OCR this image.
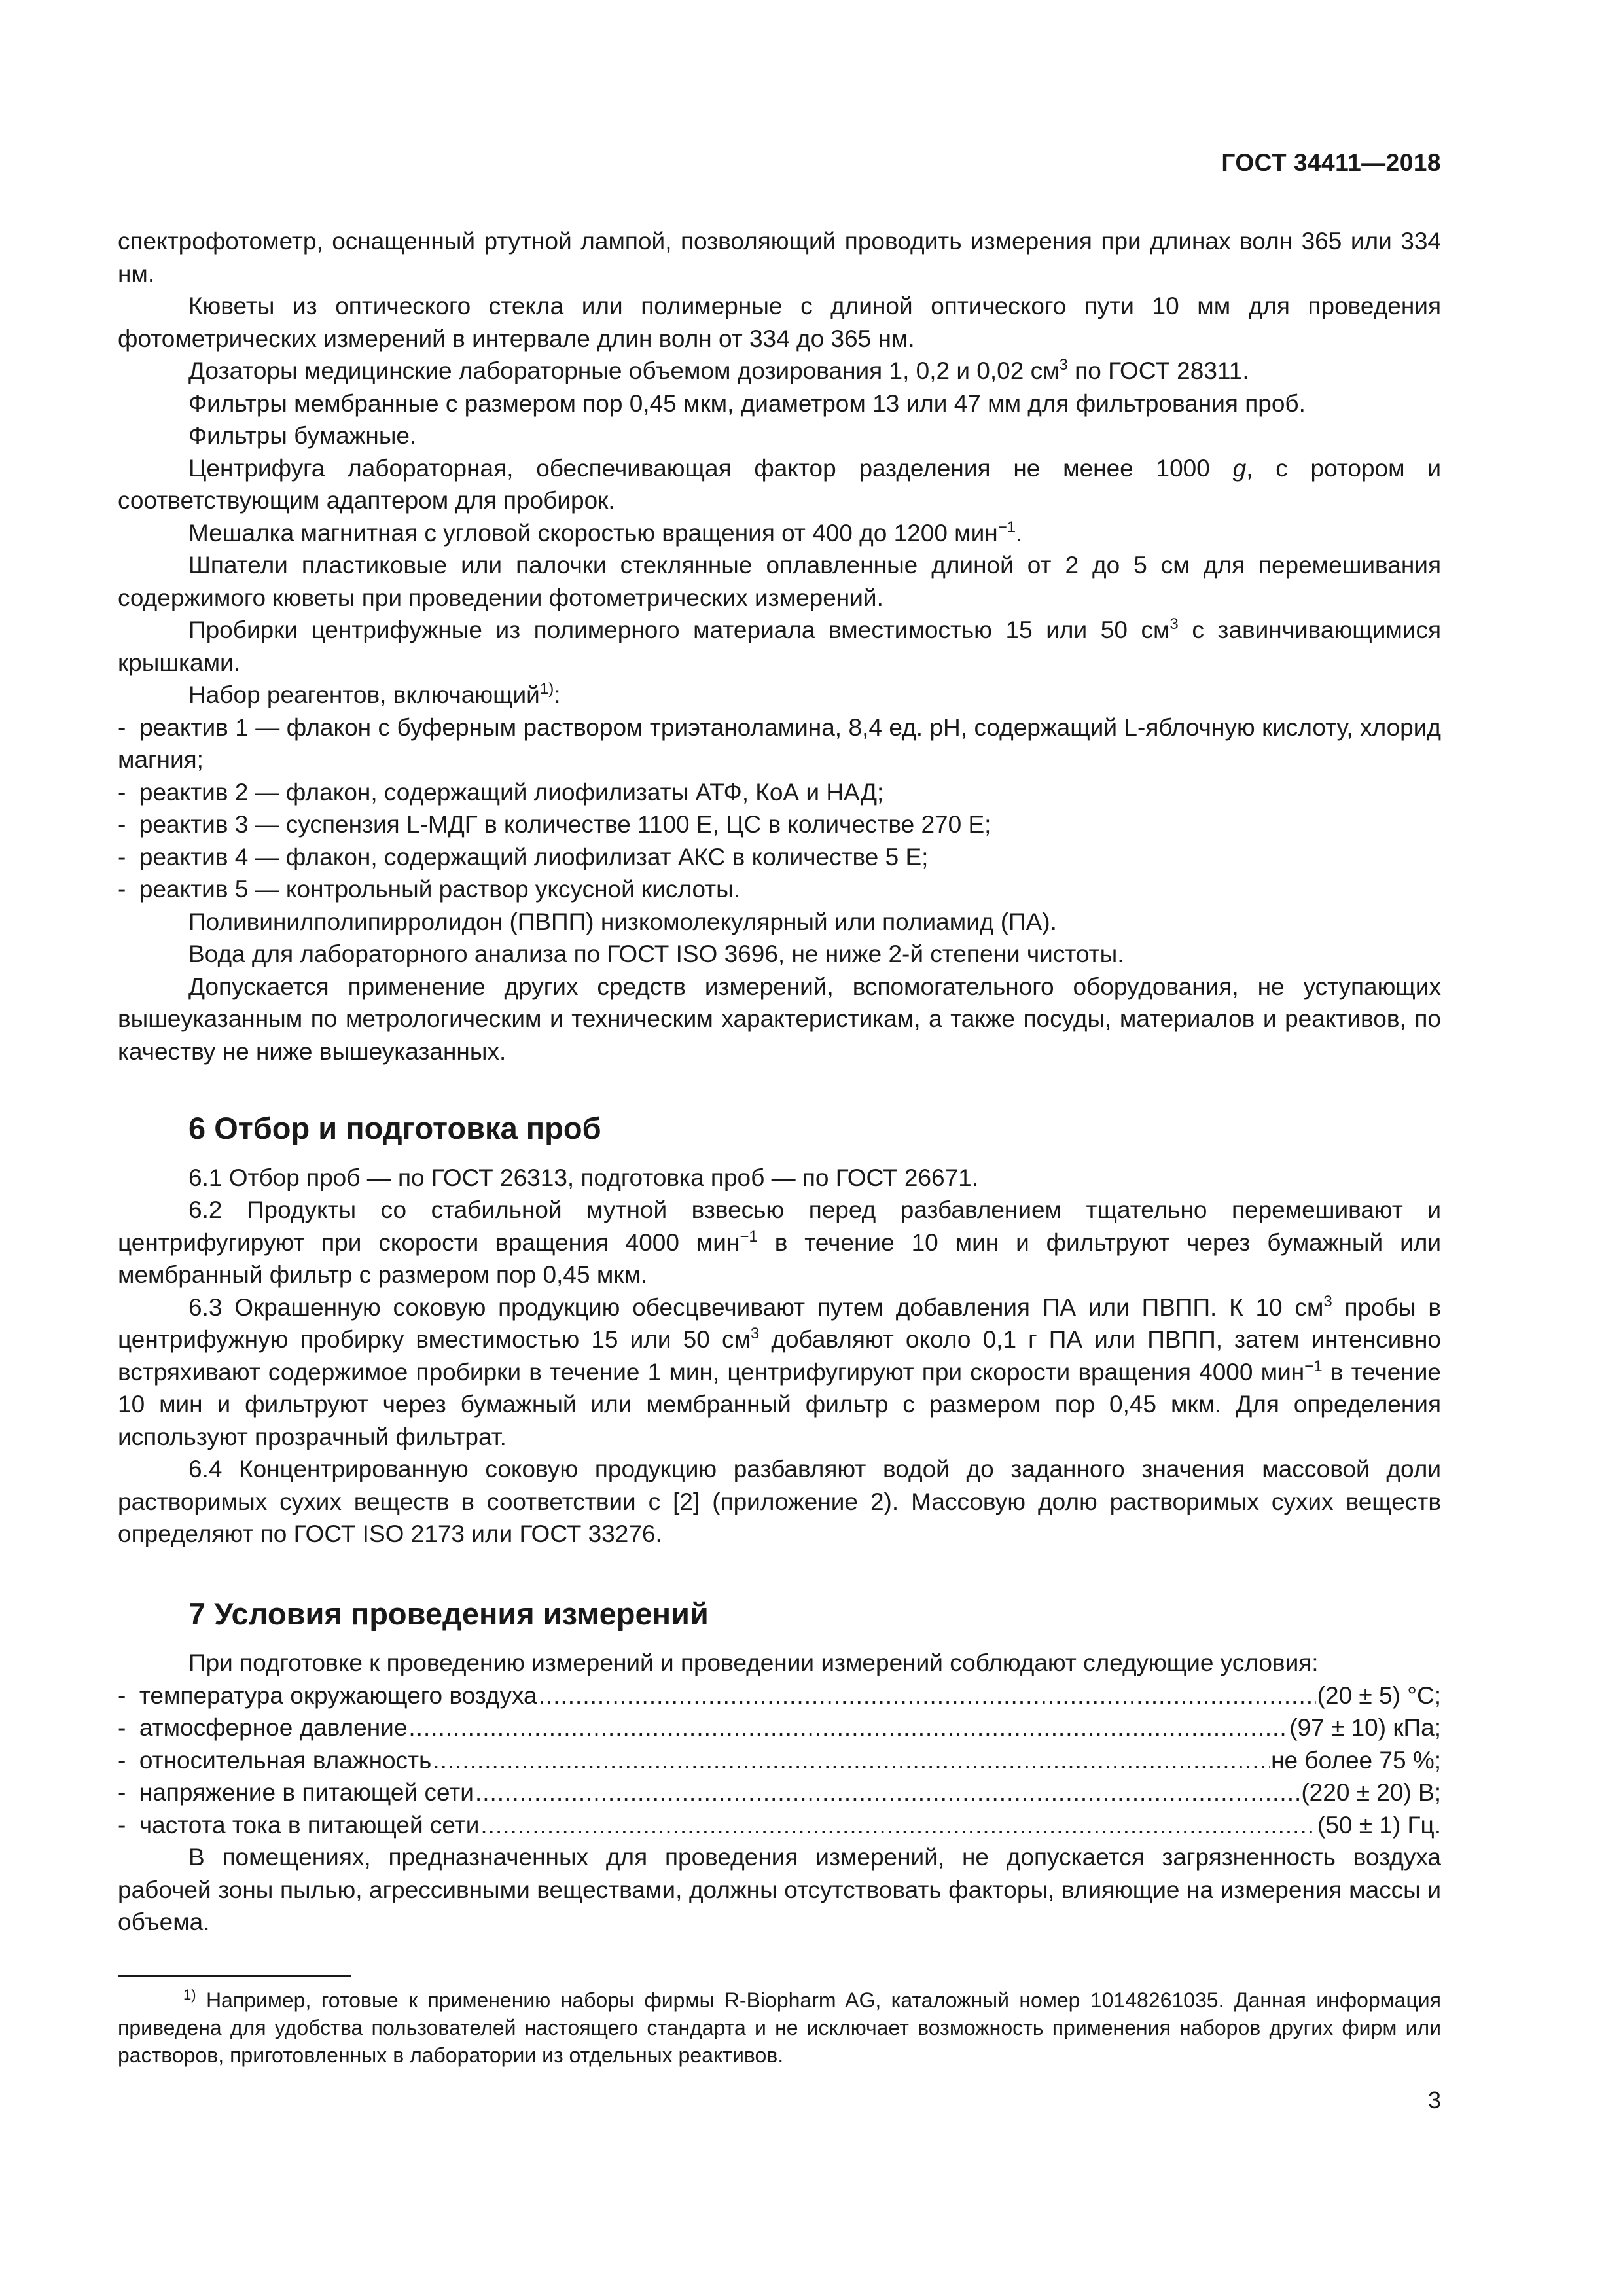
ГОСТ 34411—2018

спектрофотометр, оснащенный ртутной лампой, позволяющий проводить измерения при длинах волн 365 или 334 нм.

Кюветы из оптического стекла или полимерные с длиной оптического пути 10 мм для проведения фотометрических измерений в интервале длин волн от 334 до 365 нм.

Дозаторы медицинские лабораторные объемом дозирования 1, 0,2 и 0,02 $см^3$ по ГОСТ 28311.

Фильтры мембранные с размером пор 0,45 мкм, диаметром 13 или 47 мм для фильтрования проб.

Фильтры бумажные.

Центрифуга лабораторная, обеспечивающая фактор разделения не менее 1000 g, с ротором и соответствующим адаптером для пробирок.

Мешалка магнитная с угловой скоростью вращения от 400 до 1200 мин$^{-1}$.

Шпатели пластиковые или палочки стеклянные оплавленные длиной от 2 до 5 см для перемешивания содержимого кюветы при проведении фотометрических измерений.

Пробирки центрифужные из полимерного материала вместимостью 15 или 50 $см^3$ с завинчивающимися крышками.

Набор реагентов, включающий$^{1)}$:

- реактив 1 — флакон с буферным раствором триэтаноламина, 8,4 ед. pH, содержащий L-яблочную кислоту, хлорид магния;

- реактив 2 — флакон, содержащий лиофилизаты АТФ, КоА и НАД;

- реактив 3 — суспензия L-МДГ в количестве 1100 Е, ЦС в количестве 270 Е;

- реактив 4 — флакон, содержащий лиофилизат АКС в количестве 5 Е;

- реактив 5 — контрольный раствор уксусной кислоты.

Поливинилполипирролидон (ПВПП) низкомолекулярный или полиамид (ПА).

Вода для лабораторного анализа по ГОСТ ISO 3696, не ниже 2-й степени чистоты.

Допускается применение других средств измерений, вспомогательного оборудования, не уступающих вышеуказанным по метрологическим и техническим характеристикам, а также посуды, материалов и реактивов, по качеству не ниже вышеуказанных.

6 Отбор и подготовка проб

6.1 Отбор проб — по ГОСТ 26313, подготовка проб — по ГОСТ 26671.

6.2 Продукты со стабильной мутной взвесью перед разбавлением тщательно перемешивают и центрифугируют при скорости вращения 4000 мин$^{-1}$ в течение 10 мин и фильтруют через бумажный или мембранный фильтр с размером пор 0,45 мкм.

6.3 Окрашенную соковую продукцию обесцвечивают путем добавления ПА или ПВПП. К 10 $см^3$ пробы в центрифужную пробирку вместимостью 15 или 50 $см^3$ добавляют около 0,1 г ПА или ПВПП, затем интенсивно встряхивают содержимое пробирки в течение 1 мин, центрифугируют при скорости вращения 4000 мин$^{-1}$ в течение 10 мин и фильтруют через бумажный или мембранный фильтр с размером пор 0,45 мкм. Для определения используют прозрачный фильтрат.

6.4 Концентрированную соковую продукцию разбавляют водой до заданного значения массовой доли растворимых сухих веществ в соответствии с [2] (приложение 2). Массовую долю растворимых сухих веществ определяют по ГОСТ ISO 2173 или ГОСТ 33276.

7 Условия проведения измерений

При подготовке к проведению измерений и проведении измерений соблюдают следующие условия:

-  температура окружающего воздуха .....	(20 ± 5) °С;
-  атмосферное давление .....	(97 ± 10) кПа;
-  относительная влажность .....	не более 75 %;
-  напряжение в питающей сети .....	(220 ± 20) В;
-  частота тока в питающей сети .....	(50 ± 1) Гц.

В помещениях, предназначенных для проведения измерений, не допускается загрязненность воздуха рабочей зоны пылью, агрессивными веществами, должны отсутствовать факторы, влияющие на измерения массы и объема.

$^{1)}$ Например, готовые к применению наборы фирмы R-Biopharm AG, каталожный номер 10148261035. Данная информация приведена для удобства пользователей настоящего стандарта и не исключает возможность применения наборов других фирм или растворов, приготовленных в лаборатории из отдельных реактивов.

3
